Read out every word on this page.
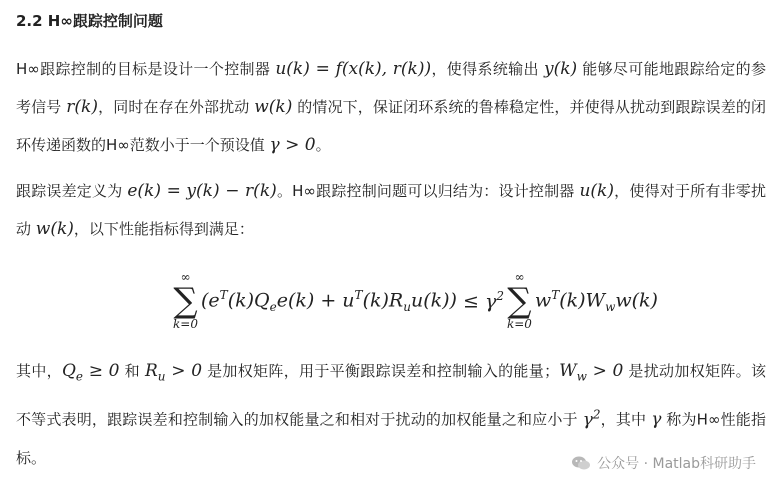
2.2 H∞跟踪控制问题

H∞跟踪控制的目标是设计一个控制器 u(k) = f(x(k), r(k))，使得系统输出 y(k) 能够尽可能地跟踪给定的参考信号 r(k)，同时在存在外部扰动 w(k) 的情况下，保证闭环系统的鲁棒稳定性，并使得从扰动到跟踪误差的闭环传递函数的H∞范数小于一个预设值 γ > 0。

跟踪误差定义为 e(k) = y(k) − r(k)。H∞跟踪控制问题可以归结为：设计控制器 u(k)，使得对于所有非零扰动 w(k)，以下性能指标得到满足：

∞
∑
k=0
$(e^T(k)Q_ee(k) + u^T(k)R_uu(k)) \le \gamma^2$
∞
∑
k=0
$w^T(k)W_ww(k)$

其中，$Q_e \ge 0$ 和 $R_u > 0$ 是加权矩阵，用于平衡跟踪误差和控制输入的能量；$W_w > 0$ 是扰动加权矩阵。该不等式表明，跟踪误差和控制输入的加权能量之和相对于扰动的加权能量之和应小于 $\gamma^2$，其中 γ 称为H∞性能指标。	公众号 · Matlab科研助手
